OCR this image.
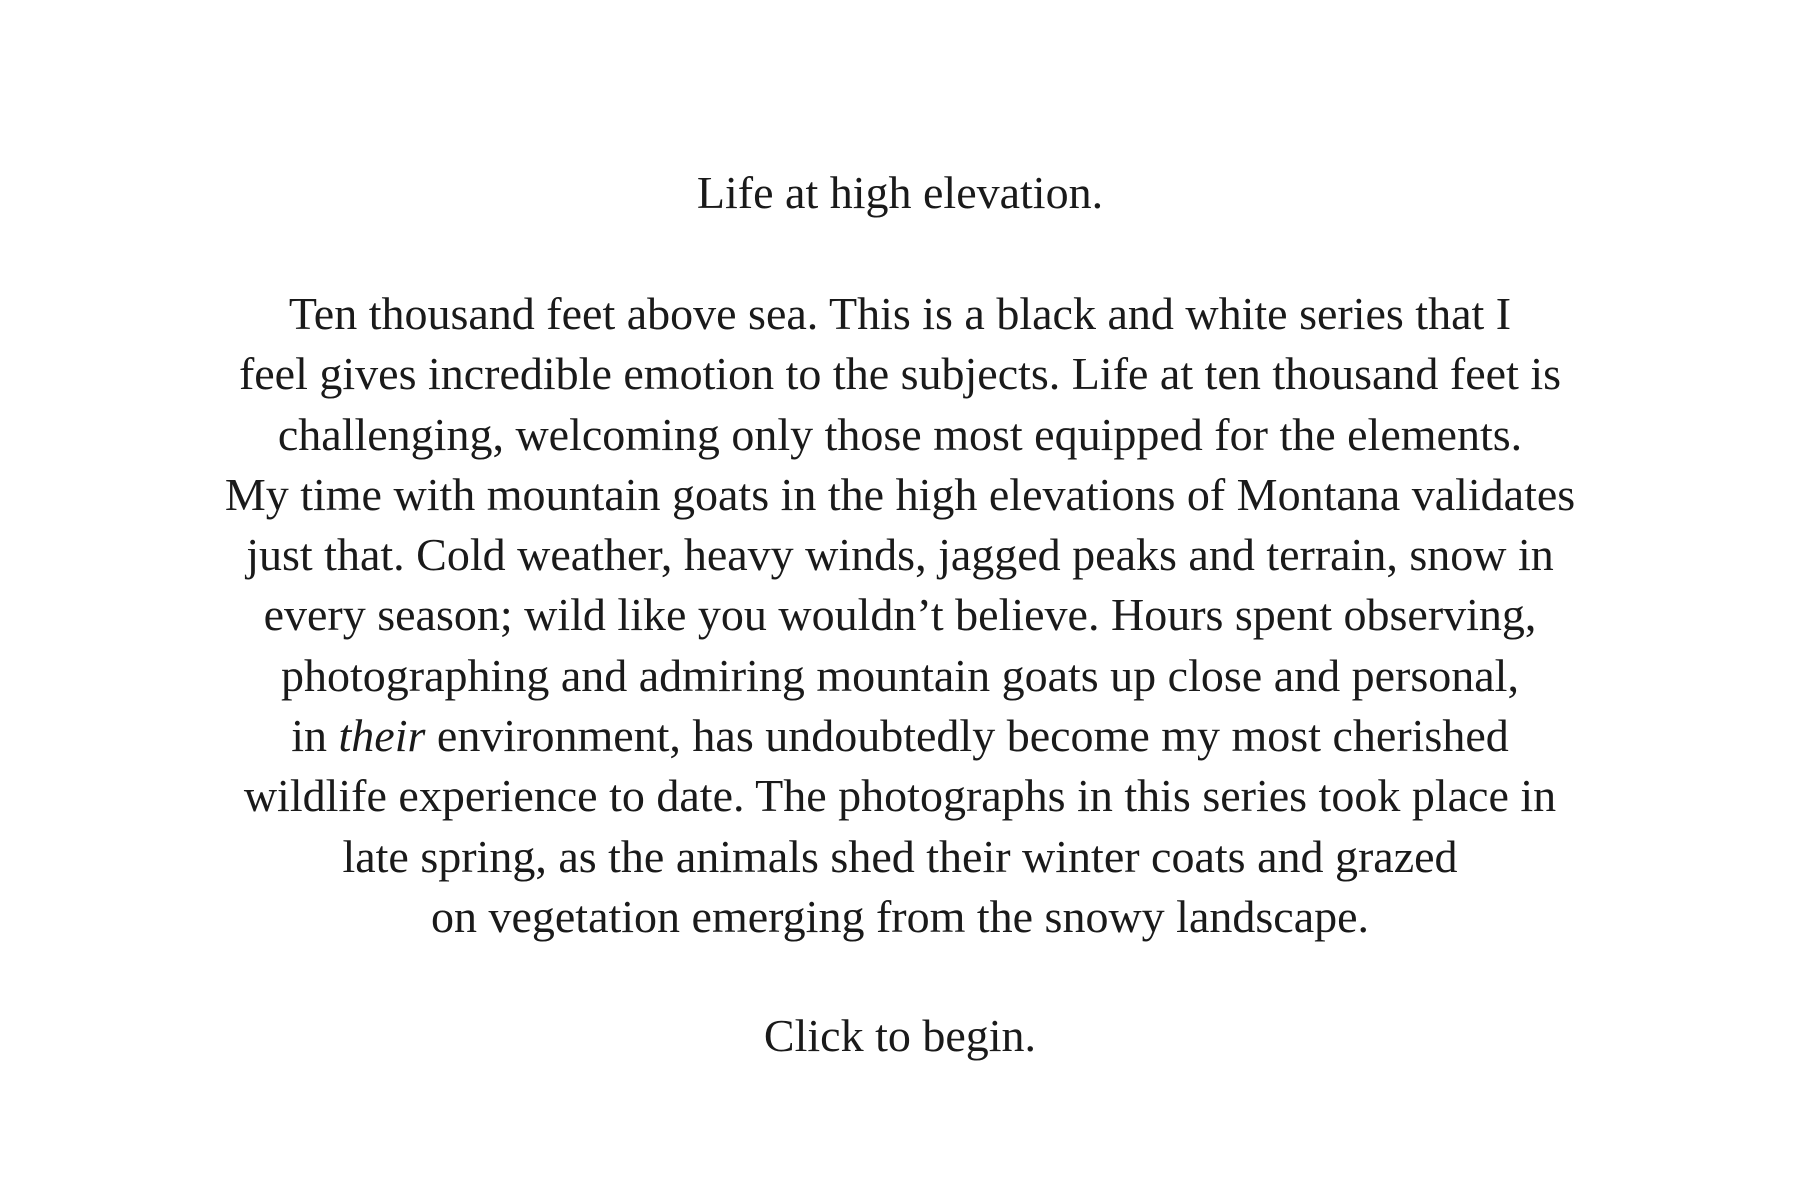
Life at high elevation.
Ten thousand feet above sea. This is a black and white series that I
feel gives incredible emotion to the subjects. Life at ten thousand feet is
challenging, welcoming only those most equipped for the elements.
My time with mountain goats in the high elevations of Montana validates
just that. Cold weather, heavy winds, jagged peaks and terrain, snow in
every season; wild like you wouldn’t believe. Hours spent observing,
photographing and admiring mountain goats up close and personal,
in their environment, has undoubtedly become my most cherished
wildlife experience to date. The photographs in this series took place in
late spring, as the animals shed their winter coats and grazed
on vegetation emerging from the snowy landscape.
Click to begin.
